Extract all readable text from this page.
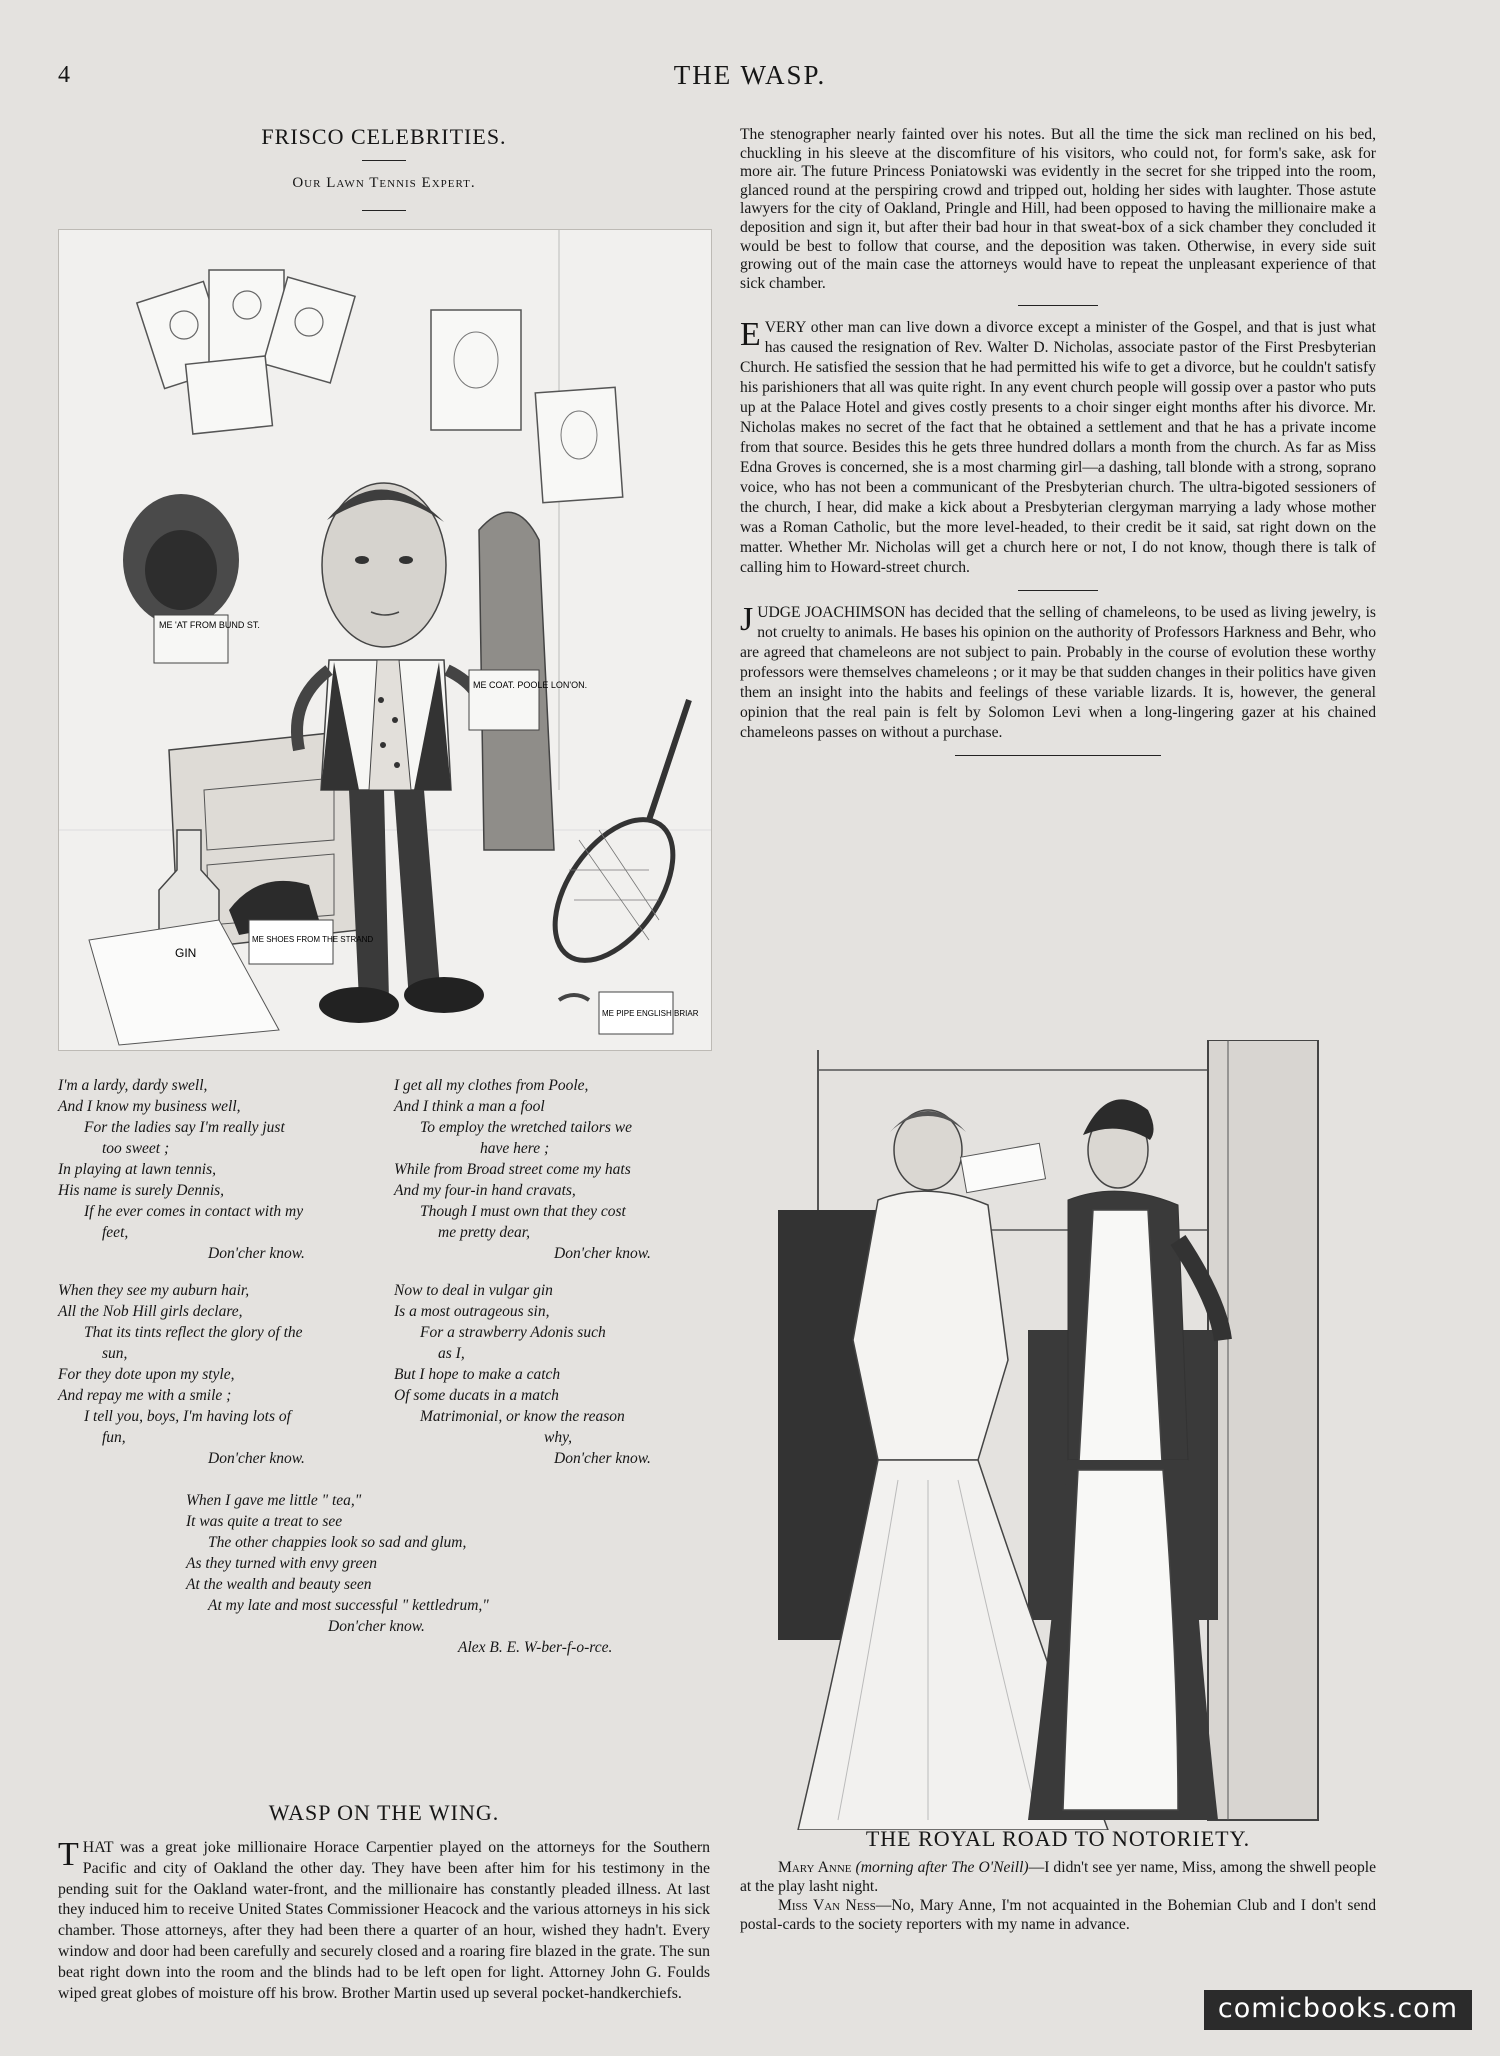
4	THE WASP.
FRISCO CELEBRITIES.
Our Lawn Tennis Expert.
ME 'AT FROM BUND ST.
ME COAT. POOLE LON'ON.
ME SHOES FROM THE STRAND
ME PIPE ENGLISH BRIAR
GIN
I'm a lardy, dardy swell,
And I know my business well,
For the ladies say I'm really just
too sweet ;
In playing at lawn tennis,
His name is surely Dennis,
If he ever comes in contact with my
feet,
Don'cher know.
When they see my auburn hair,
All the Nob Hill girls declare,
That its tints reflect the glory of the
sun,
For they dote upon my style,
And repay me with a smile ;
I tell you, boys, I'm having lots of
fun,
Don'cher know.
I get all my clothes from Poole,
And I think a man a fool
To employ the wretched tailors we
have here ;
While from Broad street come my hats
And my four-in hand cravats,
Though I must own that they cost
me pretty dear,
Don'cher know.
Now to deal in vulgar gin
Is a most outrageous sin,
For a strawberry Adonis such
as I,
But I hope to make a catch
Of some ducats in a match
Matrimonial, or know the reason
why,
Don'cher know.
When I gave me little " tea,"
It was quite a treat to see
The other chappies look so sad and glum,
As they turned with envy green
At the wealth and beauty seen
At my late and most successful " kettledrum,"
Don'cher know.
Alex B. E. W-ber-f-o-rce.
WASP ON THE WING.
THAT was a great joke millionaire Horace Carpentier played on the attorneys for the Southern Pacific and city of Oakland the other day. They have been after him for his testimony in the pending suit for the Oakland water-front, and the millionaire has constantly pleaded illness. At last they induced him to receive United States Commissioner Heacock and the various attorneys in his sick chamber. Those attorneys, after they had been there a quarter of an hour, wished they hadn't. Every window and door had been carefully and securely closed and a roaring fire blazed in the grate. The sun beat right down into the room and the blinds had to be left open for light. Attorney John G. Foulds wiped great globes of moisture off his brow. Brother Martin used up several pocket-handkerchiefs.

The stenographer nearly fainted over his notes. But all the time the sick man reclined on his bed, chuckling in his sleeve at the discomfiture of his visitors, who could not, for form's sake, ask for more air. The future Princess Poniatowski was evidently in the secret for she tripped into the room, glanced round at the perspiring crowd and tripped out, holding her sides with laughter. Those astute lawyers for the city of Oakland, Pringle and Hill, had been opposed to having the millionaire make a deposition and sign it, but after their bad hour in that sweat-box of a sick chamber they concluded it would be best to follow that course, and the deposition was taken. Otherwise, in every side suit growing out of the main case the attorneys would have to repeat the unpleasant experience of that sick chamber.

EVERY other man can live down a divorce except a minister of the Gospel, and that is just what has caused the resignation of Rev. Walter D. Nicholas, associate pastor of the First Presbyterian Church. He satisfied the session that he had permitted his wife to get a divorce, but he couldn't satisfy his parishioners that all was quite right. In any event church people will gossip over a pastor who puts up at the Palace Hotel and gives costly presents to a choir singer eight months after his divorce. Mr. Nicholas makes no secret of the fact that he obtained a settlement and that he has a private income from that source. Besides this he gets three hundred dollars a month from the church. As far as Miss Edna Groves is concerned, she is a most charming girl—a dashing, tall blonde with a strong, soprano voice, who has not been a communicant of the Presbyterian church. The ultra-bigoted sessioners of the church, I hear, did make a kick about a Presbyterian clergyman marrying a lady whose mother was a Roman Catholic, but the more level-headed, to their credit be it said, sat right down on the matter. Whether Mr. Nicholas will get a church here or not, I do not know, though there is talk of calling him to Howard-street church.

JUDGE JOACHIMSON has decided that the selling of chameleons, to be used as living jewelry, is not cruelty to animals. He bases his opinion on the authority of Professors Harkness and Behr, who are agreed that chameleons are not subject to pain. Probably in the course of evolution these worthy professors were themselves chameleons ; or it may be that sudden changes in their politics have given them an insight into the habits and feelings of these variable lizards. It is, however, the general opinion that the real pain is felt by Solomon Levi when a long-lingering gazer at his chained chameleons passes on without a purchase.

THE ROYAL ROAD TO NOTORIETY.

Mary Anne (morning after The O'Neill)—I didn't see yer name, Miss, among the shwell people at the play lasht night.

Miss Van Ness—No, Mary Anne, I'm not acquainted in the Bohemian Club and I don't send postal-cards to the society reporters with my name in advance.

comicbooks.com
